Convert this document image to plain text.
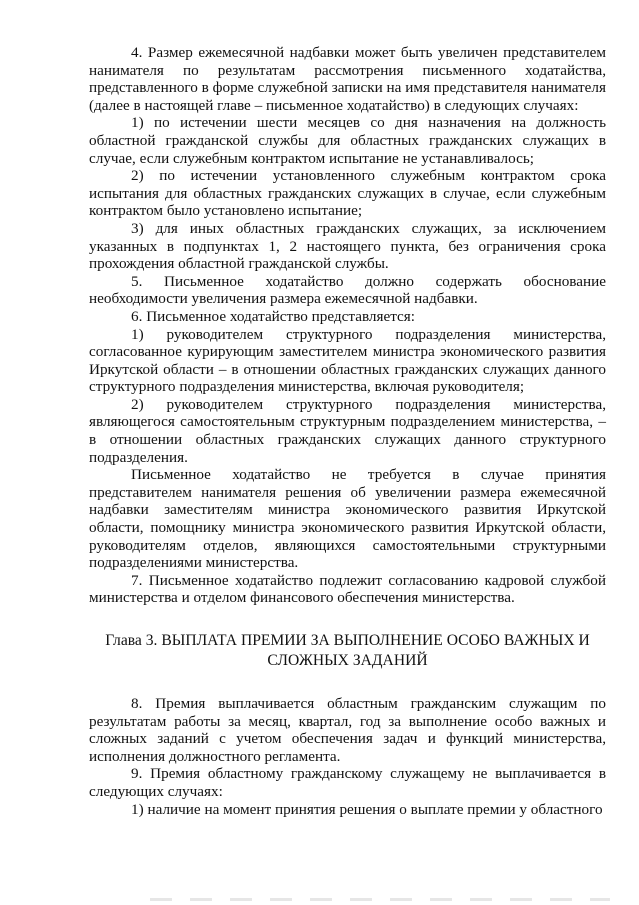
4. Размер ежемесячной надбавки может быть увеличен представителем нанимателя по результатам рассмотрения письменного ходатайства, представленного в форме служебной записки на имя представителя нанимателя (далее в настоящей главе – письменное ходатайство) в следующих случаях:

1) по истечении шести месяцев со дня назначения на должность областной гражданской службы для областных гражданских служащих в случае, если служебным контрактом испытание не устанавливалось;

2) по истечении установленного служебным контрактом срока испытания для областных гражданских служащих в случае, если служебным контрактом было установлено испытание;

3) для иных областных гражданских служащих, за исключением указанных в подпунктах 1, 2 настоящего пункта, без ограничения срока прохождения областной гражданской службы.

5. Письменное ходатайство должно содержать обоснование необходимости увеличения размера ежемесячной надбавки.

6. Письменное ходатайство представляется:

1) руководителем структурного подразделения министерства, согласованное курирующим заместителем министра экономического развития Иркутской области – в отношении областных гражданских служащих данного структурного подразделения министерства, включая руководителя;

2) руководителем структурного подразделения министерства, являющегося самостоятельным структурным подразделением министерства, – в отношении областных гражданских служащих данного структурного подразделения.

Письменное ходатайство не требуется в случае принятия представителем нанимателя решения об увеличении размера ежемесячной надбавки заместителям министра экономического развития Иркутской области, помощнику министра экономического развития Иркутской области, руководителям отделов, являющихся самостоятельными структурными подразделениями министерства.

7. Письменное ходатайство подлежит согласованию кадровой службой министерства и отделом финансового обеспечения министерства.

Глава 3. ВЫПЛАТА ПРЕМИИ ЗА ВЫПОЛНЕНИЕ ОСОБО ВАЖНЫХ И
СЛОЖНЫХ ЗАДАНИЙ

8. Премия выплачивается областным гражданским служащим по результатам работы за месяц, квартал, год за выполнение особо важных и сложных заданий с учетом обеспечения задач и функций министерства, исполнения должностного регламента.

9. Премия областному гражданскому служащему не выплачивается в следующих случаях:

1) наличие на момент принятия решения о выплате премии у областного
